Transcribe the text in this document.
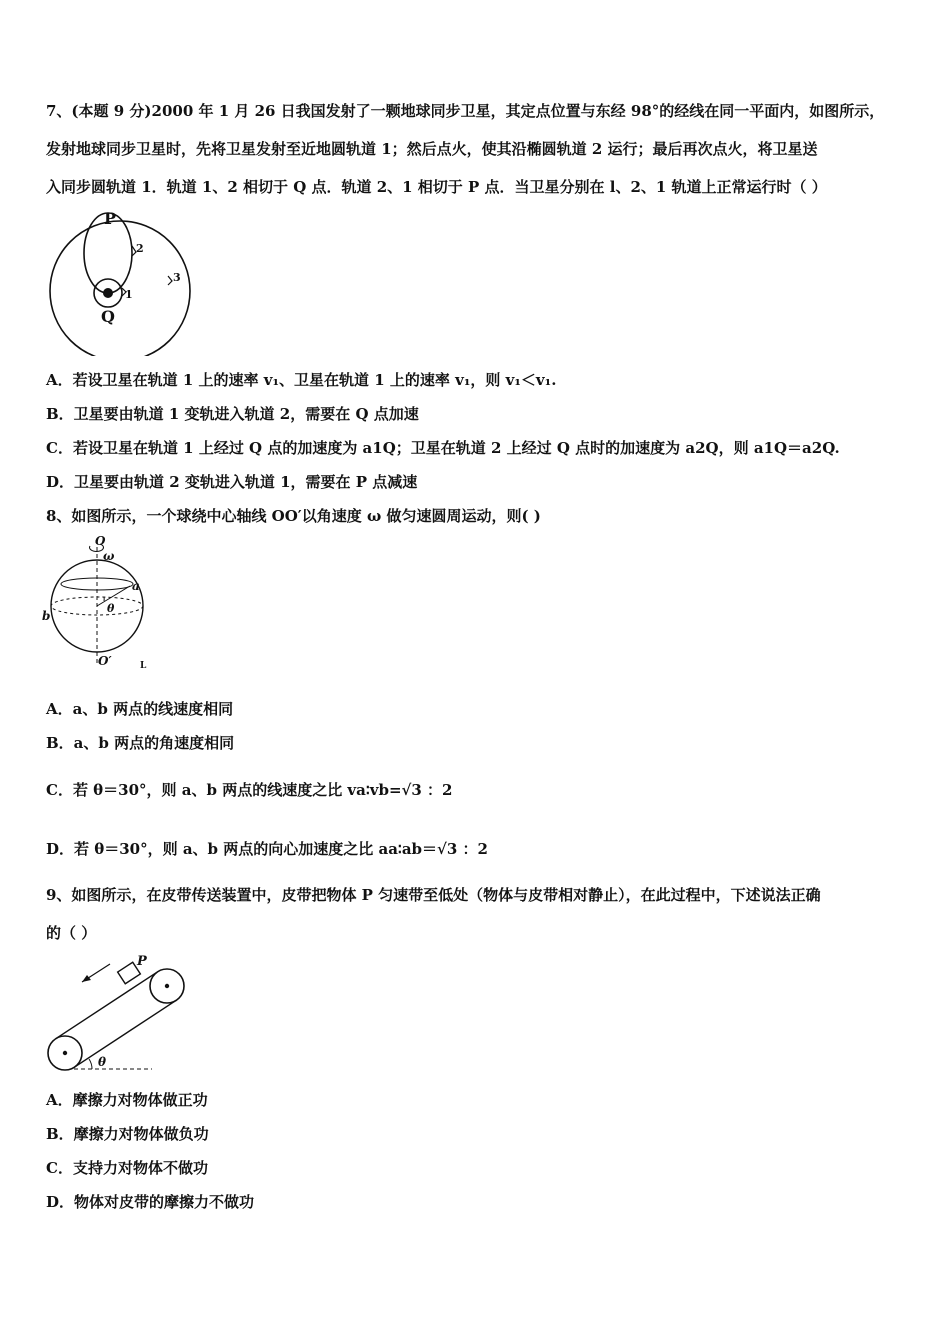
7、(本题 9 分)2000 年 1 月 26 日我国发射了一颗地球同步卫星，其定点位置与东经 98°的经线在同一平面内，如图所示，
发射地球同步卫星时，先将卫星发射至近地圆轨道 1；然后点火，使其沿椭圆轨道 2 运行；最后再次点火，将卫星送
入同步圆轨道 1．轨道 1、2 相切于 Q 点．轨道 2、1 相切于 P 点．当卫星分别在 l、2、1 轨道上正常运行时（ ）
P
Q
1
2
3
A．若设卫星在轨道 1 上的速率 v₁、卫星在轨道 1 上的速率 v₁，则 v₁＜v₁.
B．卫星要由轨道 1 变轨进入轨道 2，需要在 Q 点加速
C．若设卫星在轨道 1 上经过 Q 点的加速度为 a1Q；卫星在轨道 2 上经过 Q 点时的加速度为 a2Q，则 a1Q＝a2Q.
D．卫星要由轨道 2 变轨进入轨道 1，需要在 P 点减速
8、如图所示，一个球绕中心轴线 OO′以角速度 ω 做匀速圆周运动，则( )
O
ω
a
θ
b
O′	L
A．a、b 两点的线速度相同
B．a、b 两点的角速度相同
C．若 θ＝30°，则 a、b 两点的线速度之比 va∶vb=√3 ：2
D．若 θ＝30°，则 a、b 两点的向心加速度之比 aa∶ab＝√3 ：2
9、如图所示，在皮带传送装置中，皮带把物体 P 匀速带至低处（物体与皮带相对静止），在此过程中，下述说法正确
的（ ）
P
θ
A．摩擦力对物体做正功
B．摩擦力对物体做负功
C．支持力对物体不做功
D．物体对皮带的摩擦力不做功
